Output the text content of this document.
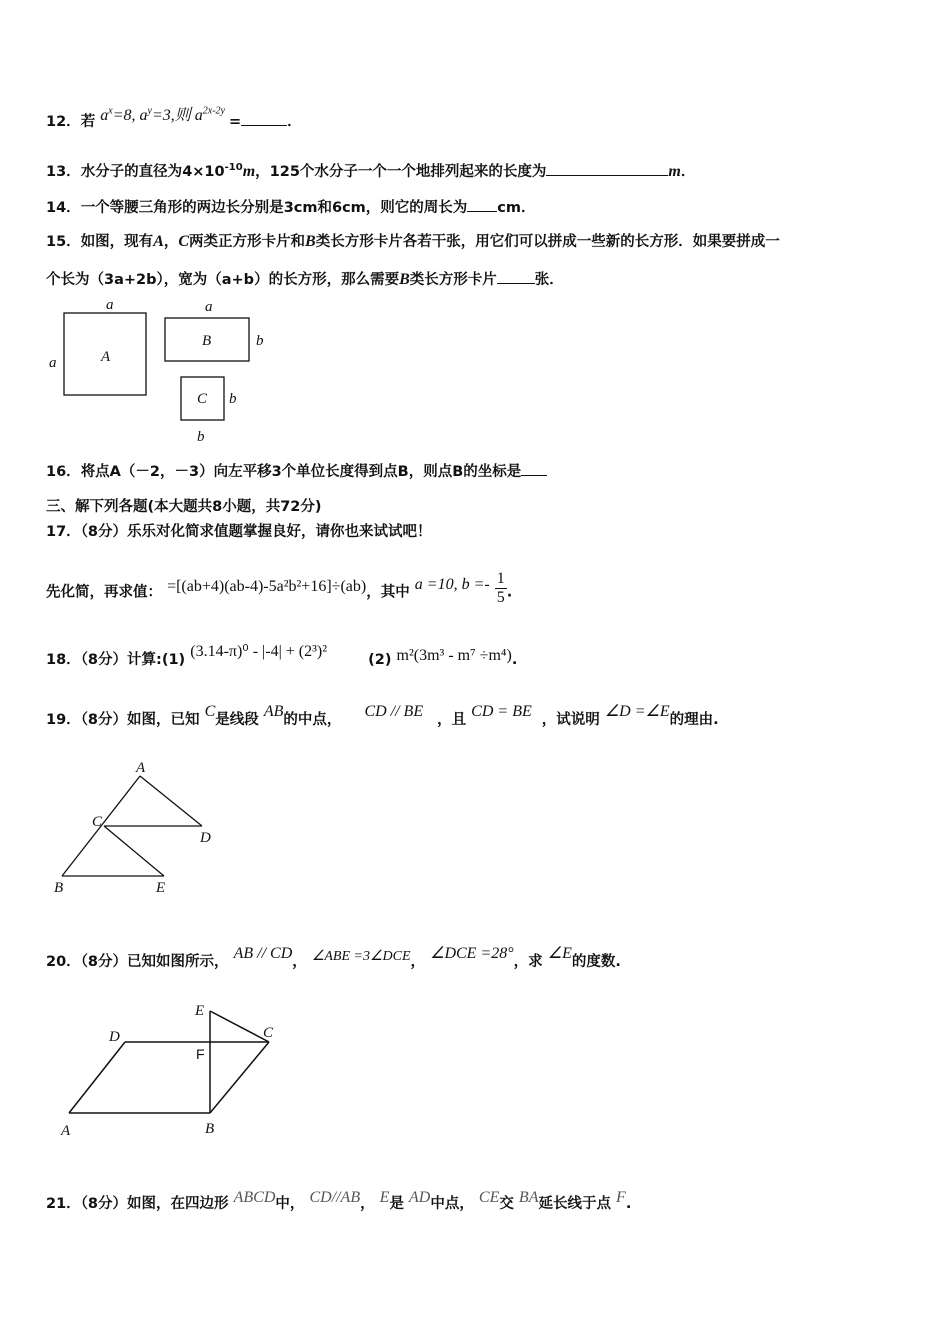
12．若 $a^x=8$, $a^y=3$,则 $a^{2x-2y}$ =	．
13．水分子的直径为$4\times 10^{-10}m$，125个水分子一个一个地排列起来的长度为	m．
14．一个等腰三角形的两边长分别是3cm和6cm，则它的周长为 cm．
15．如图，现有A，C两类正方形卡片和B类长方形卡片各若干张，用它们可以拼成一些新的长方形．如果要拼成一
个长为（3a+2b），宽为（a+b）的长方形，那么需要B类长方形卡片	张．
a
a	A
a
B	b
C b
b
16．将点A（－2，－3）向左平移3个单位长度得到点B，则点B的坐标是
三、解下列各题(本大题共8小题，共72分)
17．（8分）乐乐对化简求值题掌握良好，请你也来试试吧！
先化简，再求值： =[(ab+4)(ab-4)-5a²b²+16]÷(ab)，其中 a =10, $b =- \frac{1}{5}$ .
18．（8分）计算:(1) (3.14-π)⁰ - |-4| + (2³)²	(2) m²(3m³ - m⁷ ÷m⁴).
19．（8分）如图，已知 C是线段 AB的中点， CD // BE ，且 CD = BE ，试说明 ∠D =∠E的理由.
A
C
D
B	E
20．（8分）已知如图所示， AB // CD， ∠ABE =3∠DCE， ∠DCE =28°，求 ∠E的度数.
E
D	C
F
A	B
21．（8分）如图，在四边形 ABCD中， CD//AB， E是 AD中点， CE交 BA延长线于点 F.
